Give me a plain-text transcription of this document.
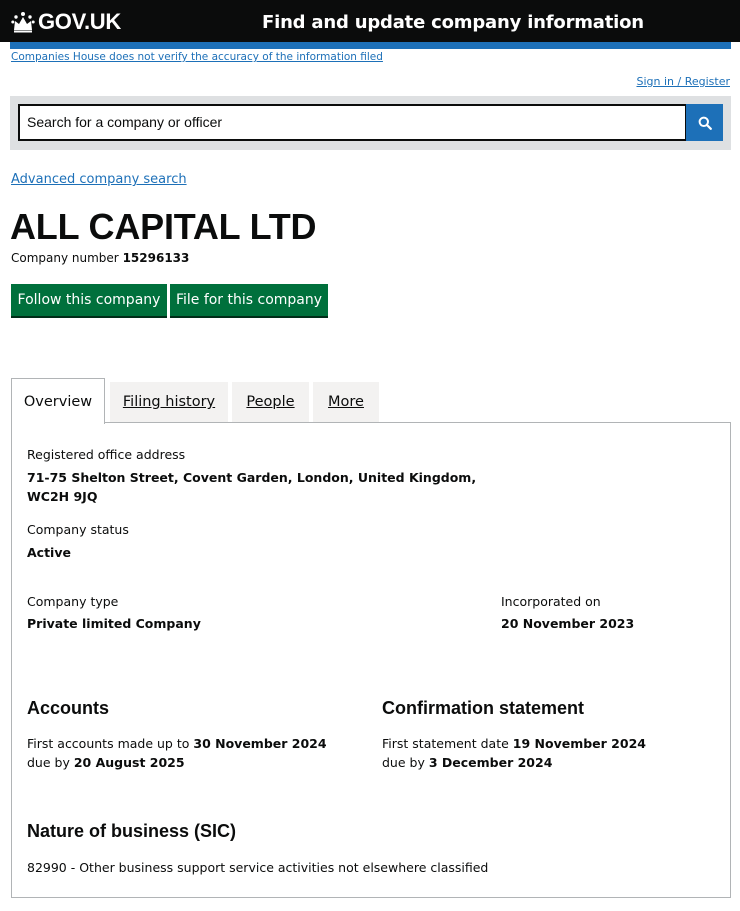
GOV.UK	Find and update company information
Companies House does not verify the accuracy of the information filed
Sign in / Register
Search for a company or officer
Advanced company search
ALL CAPITAL LTD

Company number 15296133

Follow this company	File for this company
Overview	Filing history	People	More
Registered office address
71-75 Shelton Street, Covent Garden, London, United Kingdom,
WC2H 9JQ
Company status
Active
Company type
Private limited Company
Incorporated on
20 November 2023
Accounts

First accounts made up to 30 November 2024

due by 20 August 2025

Confirmation statement

First statement date 19 November 2024

due by 3 December 2024

Nature of business (SIC)

82990 - Other business support service activities not elsewhere classified
